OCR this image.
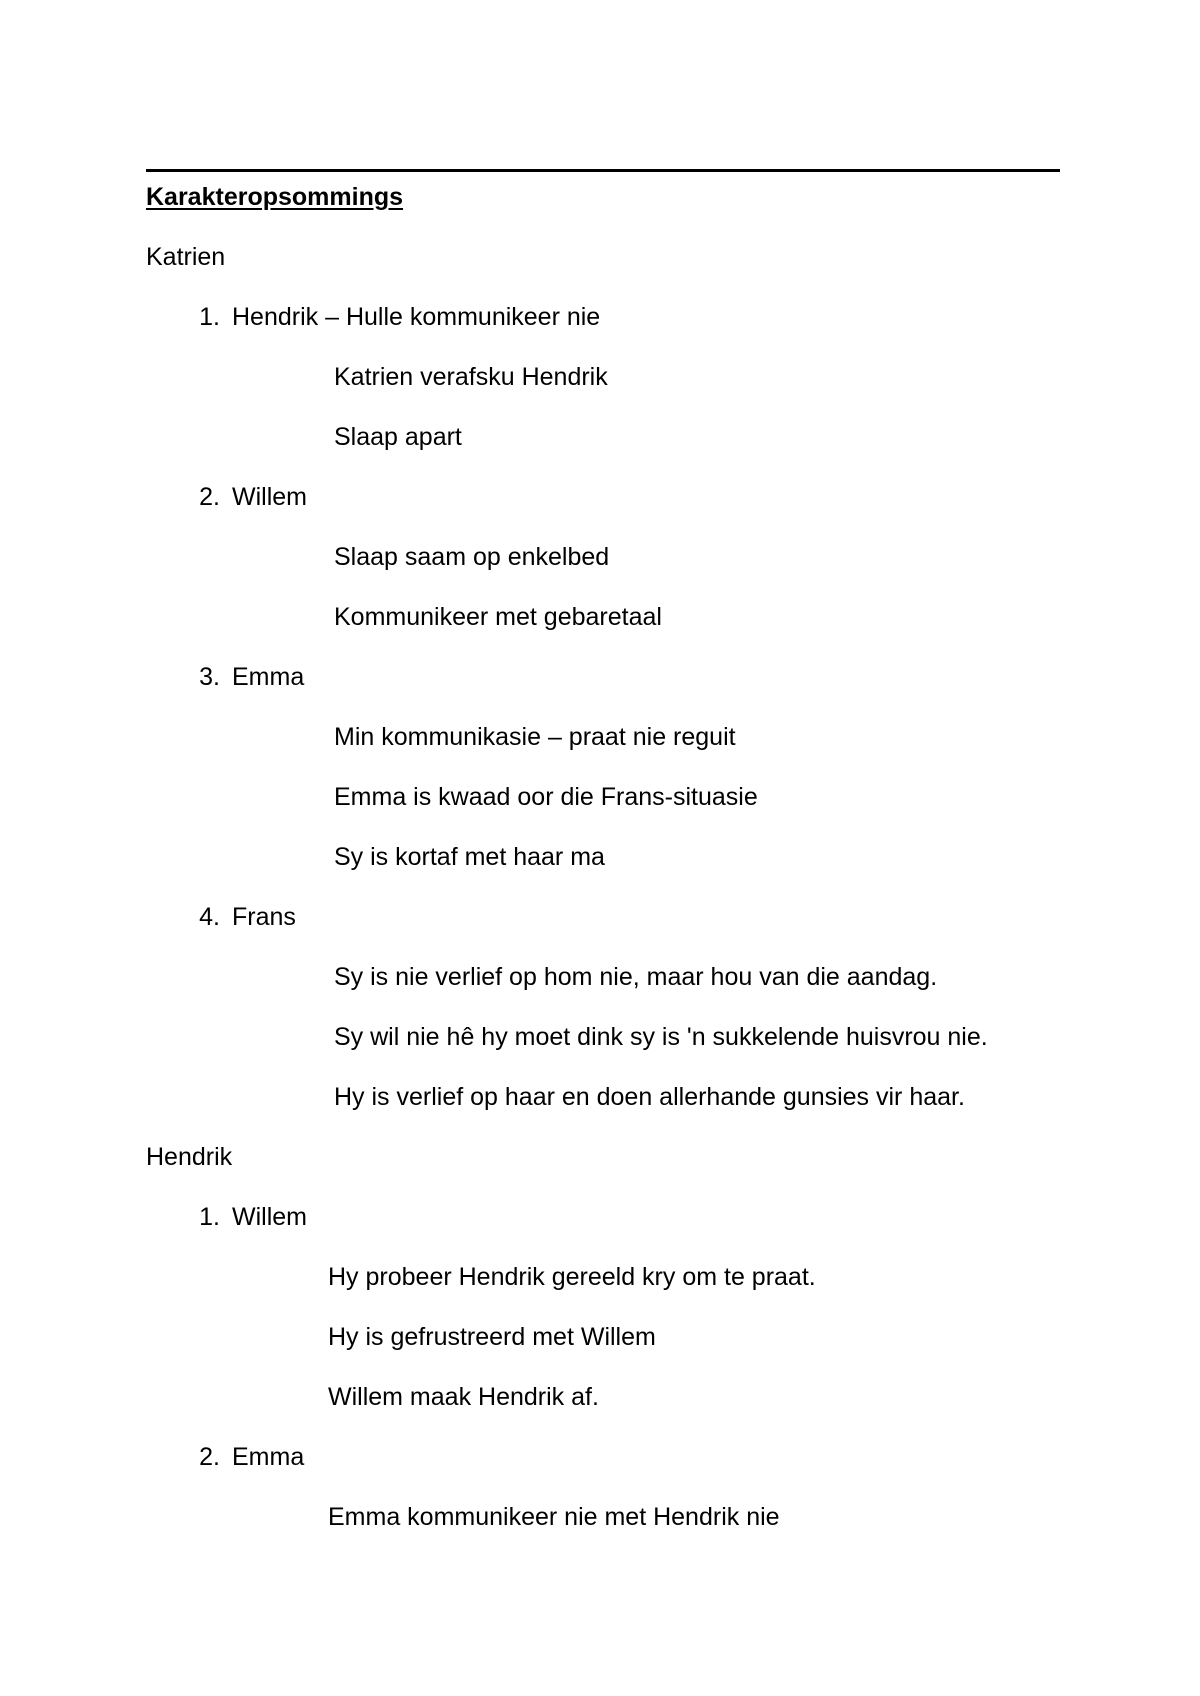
Karakteropsommings
Katrien
1. Hendrik – Hulle kommunikeer nie
Katrien verafsku Hendrik
Slaap apart
2. Willem
Slaap saam op enkelbed
Kommunikeer met gebaretaal
3. Emma
Min kommunikasie – praat nie reguit
Emma is kwaad oor die Frans-situasie
Sy is kortaf met haar ma
4. Frans
Sy is nie verlief op hom nie, maar hou van die aandag.
Sy wil nie hê hy moet dink sy is 'n sukkelende huisvrou nie.
Hy is verlief op haar en doen allerhande gunsies vir haar.
Hendrik
1. Willem
Hy probeer Hendrik gereeld kry om te praat.
Hy is gefrustreerd met Willem
Willem maak Hendrik af.
2. Emma
Emma kommunikeer nie met Hendrik nie
